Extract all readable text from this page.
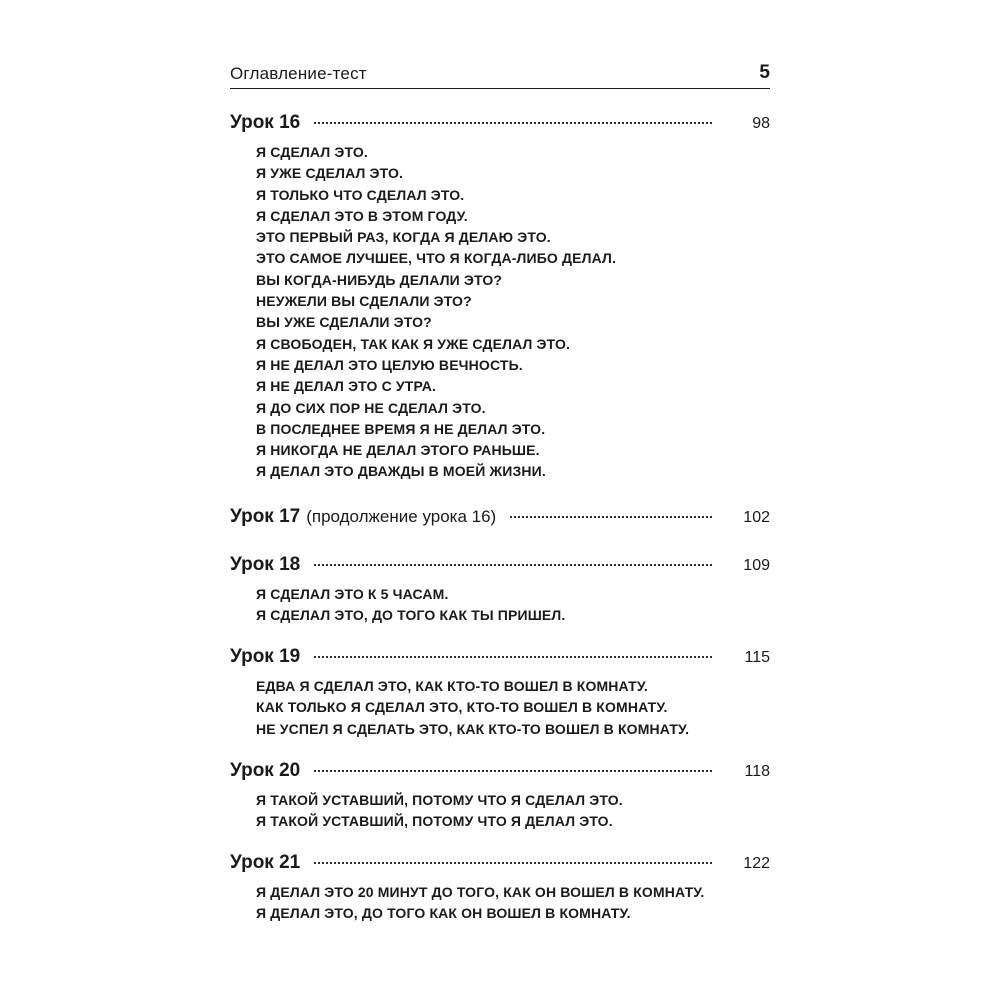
Оглавление-тест	5
Урок 16	98
Я СДЕЛАЛ ЭТО.
Я УЖЕ СДЕЛАЛ ЭТО.
Я ТОЛЬКО ЧТО СДЕЛАЛ ЭТО.
Я СДЕЛАЛ ЭТО В ЭТОМ ГОДУ.
ЭТО ПЕРВЫЙ РАЗ, КОГДА Я ДЕЛАЮ ЭТО.
ЭТО САМОЕ ЛУЧШЕЕ, ЧТО Я КОГДА-ЛИБО ДЕЛАЛ.
ВЫ КОГДА-НИБУДЬ ДЕЛАЛИ ЭТО?
НЕУЖЕЛИ ВЫ СДЕЛАЛИ ЭТО?
ВЫ УЖЕ СДЕЛАЛИ ЭТО?
Я СВОБОДЕН, ТАК КАК Я УЖЕ СДЕЛАЛ ЭТО.
Я НЕ ДЕЛАЛ ЭТО ЦЕЛУЮ ВЕЧНОСТЬ.
Я НЕ ДЕЛАЛ ЭТО С УТРА.
Я ДО СИХ ПОР НЕ СДЕЛАЛ ЭТО.
В ПОСЛЕДНЕЕ ВРЕМЯ Я НЕ ДЕЛАЛ ЭТО.
Я НИКОГДА НЕ ДЕЛАЛ ЭТОГО РАНЬШЕ.
Я ДЕЛАЛ ЭТО ДВАЖДЫ В МОЕЙ ЖИЗНИ.
Урок 17 (продолжение урока 16)	102
Урок 18	109
Я СДЕЛАЛ ЭТО К 5 ЧАСАМ.
Я СДЕЛАЛ ЭТО, ДО ТОГО КАК ТЫ ПРИШЕЛ.
Урок 19	115
ЕДВА Я СДЕЛАЛ ЭТО, КАК КТО-ТО ВОШЕЛ В КОМНАТУ.
КАК ТОЛЬКО Я СДЕЛАЛ ЭТО, КТО-ТО ВОШЕЛ В КОМНАТУ.
НЕ УСПЕЛ Я СДЕЛАТЬ ЭТО, КАК КТО-ТО ВОШЕЛ В КОМНАТУ.
Урок 20	118
Я ТАКОЙ УСТАВШИЙ, ПОТОМУ ЧТО Я СДЕЛАЛ ЭТО.
Я ТАКОЙ УСТАВШИЙ, ПОТОМУ ЧТО Я ДЕЛАЛ ЭТО.
Урок 21	122
Я ДЕЛАЛ ЭТО 20 МИНУТ ДО ТОГО, КАК ОН ВОШЕЛ В КОМНАТУ.
Я ДЕЛАЛ ЭТО, ДО ТОГО КАК ОН ВОШЕЛ В КОМНАТУ.
